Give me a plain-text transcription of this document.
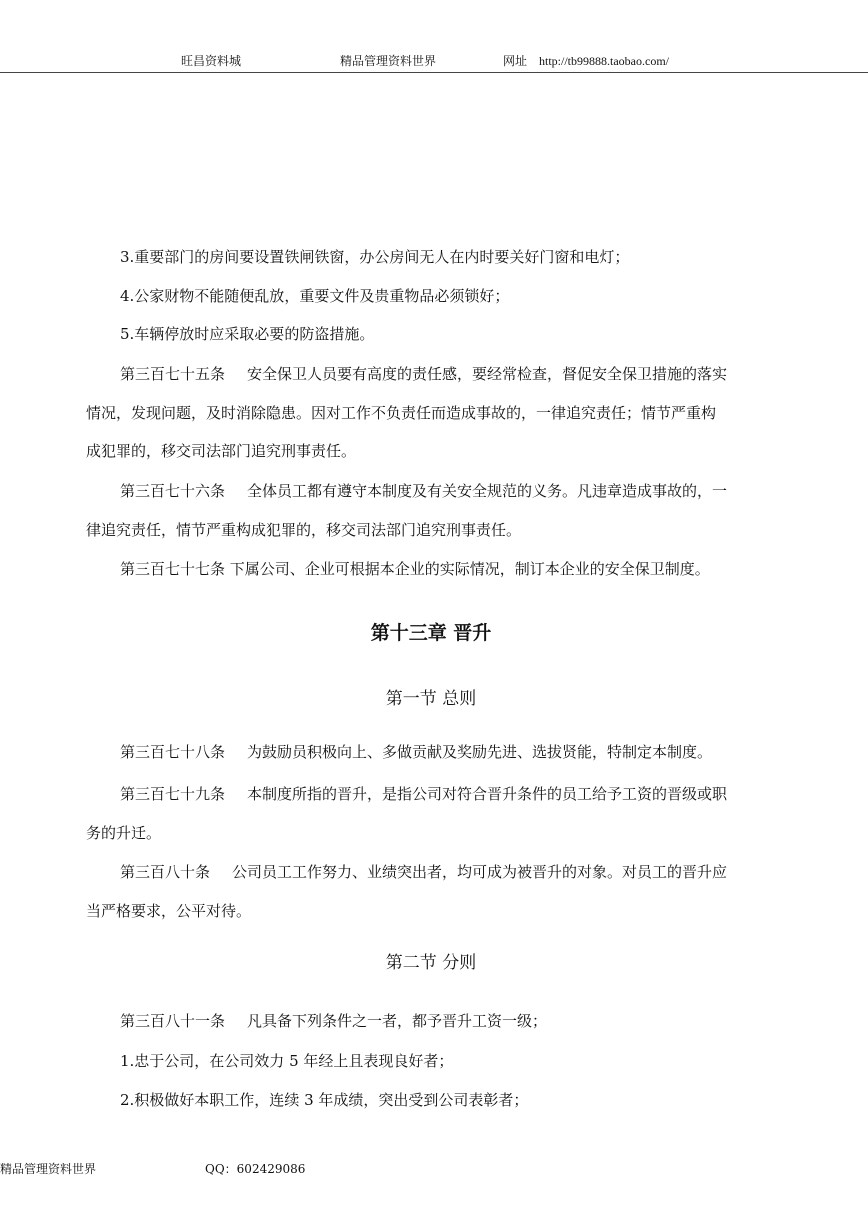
旺昌资料城	精品管理资料世界	网址 http://tb99888.taobao.com/
3.重要部门的房间要设置铁闸铁窗，办公房间无人在内时要关好门窗和电灯；
4.公家财物不能随便乱放，重要文件及贵重物品必须锁好；
5.车辆停放时应采取必要的防盗措施。
第三百七十五条 安全保卫人员要有高度的责任感，要经常检查，督促安全保卫措施的落实
情况，发现问题，及时消除隐患。因对工作不负责任而造成事故的，一律追究责任；情节严重构
成犯罪的，移交司法部门追究刑事责任。
第三百七十六条 全体员工都有遵守本制度及有关安全规范的义务。凡违章造成事故的，一
律追究责任，情节严重构成犯罪的，移交司法部门追究刑事责任。
第三百七十七条 下属公司、企业可根据本企业的实际情况，制订本企业的安全保卫制度。
第十三章 晋升
第一节 总则
第三百七十八条 为鼓励员积极向上、多做贡献及奖励先进、选拔贤能，特制定本制度。
第三百七十九条 本制度所指的晋升，是指公司对符合晋升条件的员工给予工资的晋级或职
务的升迁。
第三百八十条 公司员工工作努力、业绩突出者，均可成为被晋升的对象。对员工的晋升应
当严格要求，公平对待。
第二节 分则
第三百八十一条 凡具备下列条件之一者，都予晋升工资一级；
1.忠于公司，在公司效力 5 年经上且表现良好者；
2.积极做好本职工作，连续 3 年成绩，突出受到公司表彰者；
精品管理资料世界	QQ：602429086
